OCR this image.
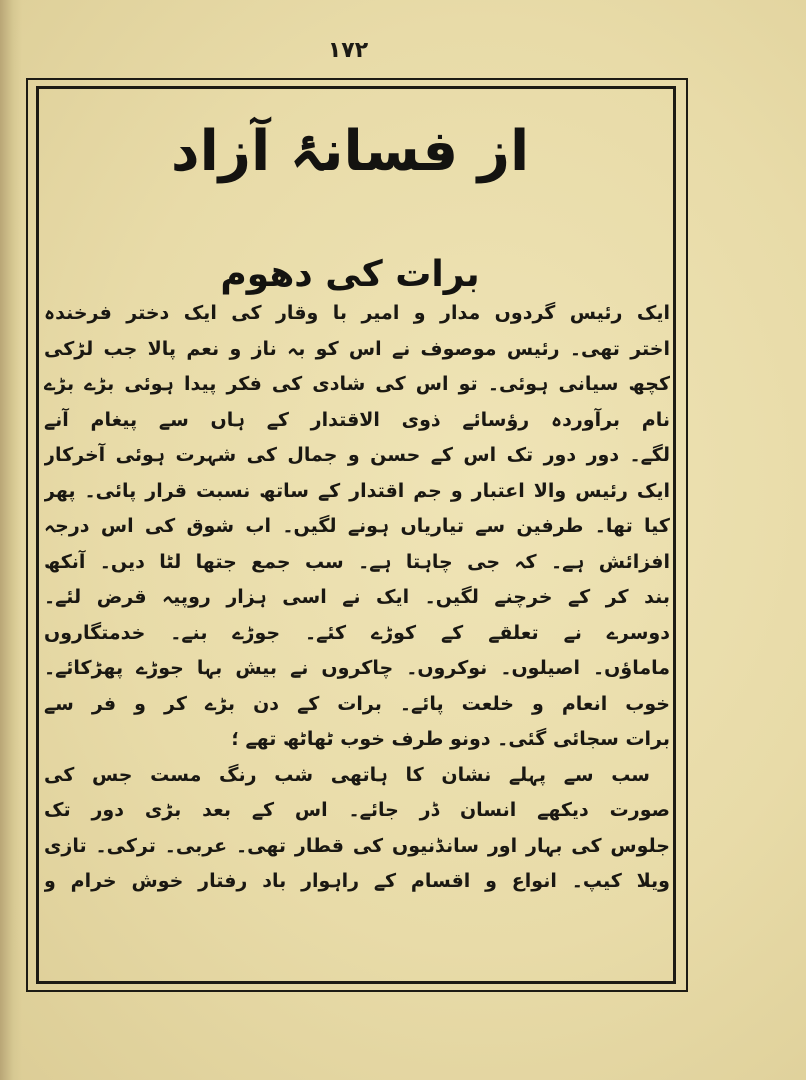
۱۷۲
از فسانۂ آزاد
برات کی دھوم
ایک رئیس گردوں مدار و امیر با وقار کی ایک دختر فرخندہ
اختر تھی۔ رئیس موصوف نے اس کو بہ ناز و نعم پالا جب لڑکی
کچھ سیانی ہوئی۔ تو اس کی شادی کی فکر پیدا ہوئی بڑے بڑے
نام برآوردہ رؤسائے ذوی الاقتدار کے ہاں سے پیغام آنے
لگے۔ دور دور تک اس کے حسن و جمال کی شہرت ہوئی آخرکار
ایک رئیس والا اعتبار و جم اقتدار کے ساتھ نسبت قرار پائی۔ پھر
کیا تھا۔ طرفین سے تیاریاں ہونے لگیں۔ اب شوق کی اس درجہ
افزائش ہے۔ کہ جی چاہتا ہے۔ سب جمع جتھا لٹا دیں۔ آنکھ
بند کر کے خرچنے لگیں۔ ایک نے اسی ہزار روپیہ قرض لئے۔
دوسرے نے تعلقے کے کوڑے کئے۔ جوڑے بنے۔ خدمتگاروں
ماماؤں۔ اصیلوں۔ نوکروں۔ چاکروں نے بیش بہا جوڑے پھڑکائے۔
خوب انعام و خلعت پائے۔ برات کے دن بڑے کر و فر سے
برات سجائی گئی۔ دونو طرف خوب ٹھاٹھ تھے ؛
سب سے پہلے نشان کا ہاتھی شب رنگ مست جس کی
صورت دیکھے انسان ڈر جائے۔ اس کے بعد بڑی دور تک
جلوس کی بہار اور سانڈنیوں کی قطار تھی۔ عربی۔ ترکی۔ تازی
ویلا کیپ۔ انواع و اقسام کے راہوار باد رفتار خوش خرام و
